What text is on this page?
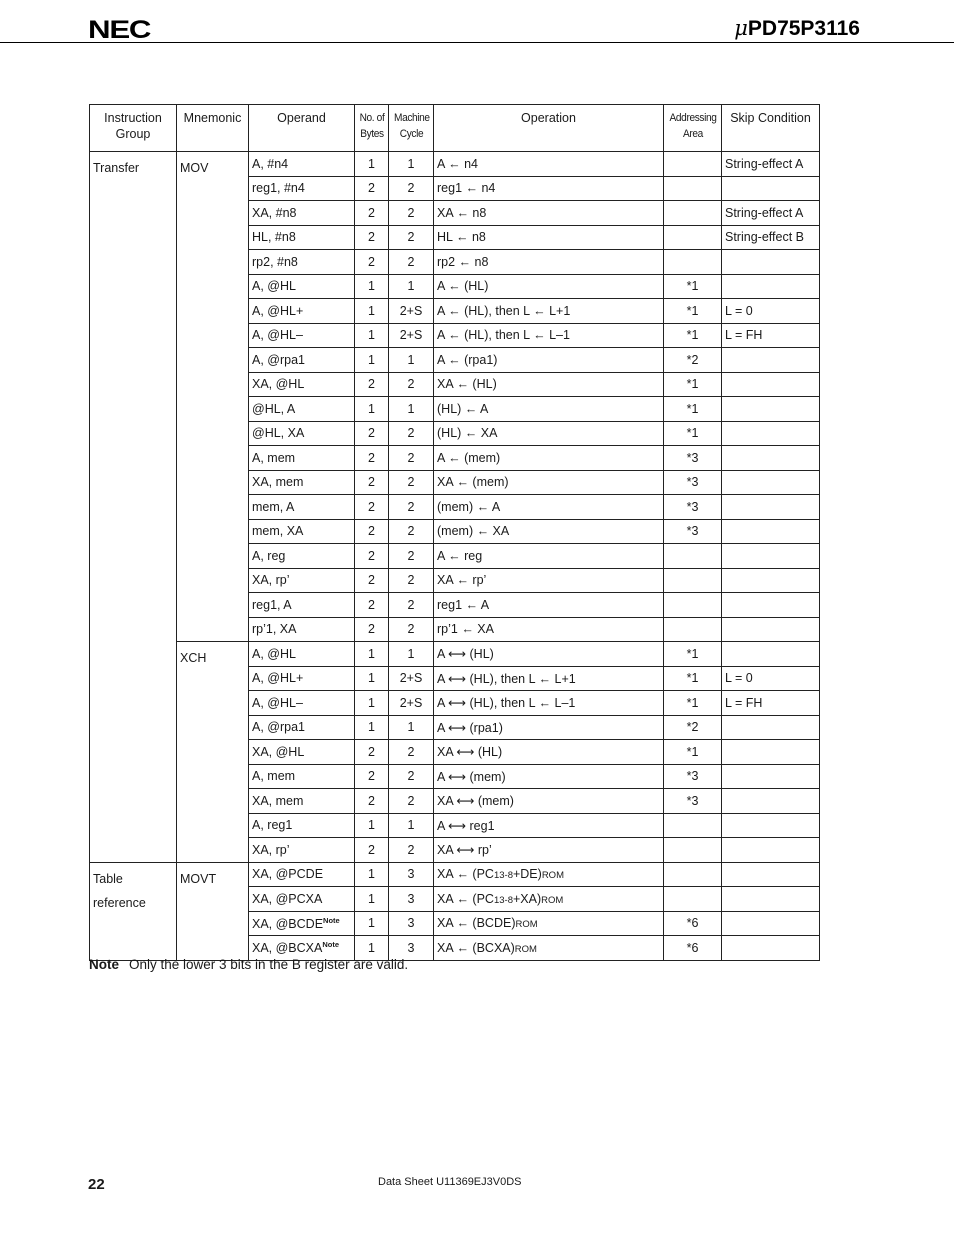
NEC	μPD75P3116
Instruction Group	Mnemonic	Operand	No. of Bytes	Machine Cycle	Operation	Addressing Area	Skip Condition
Transfer	MOV	A, #n4	1	1	A ← n4		String-effect A
		reg1, #n4	2	2	reg1 ← n4		
		XA, #n8	2	2	XA ← n8		String-effect A
		HL, #n8	2	2	HL ← n8		String-effect B
		rp2, #n8	2	2	rp2 ← n8		
		A, @HL	1	1	A ← (HL)	*1	
		A, @HL+	1	2+S	A ← (HL), then L ← L+1	*1	L = 0
		A, @HL–	1	2+S	A ← (HL), then L ← L–1	*1	L = FH
		A, @rpa1	1	1	A ← (rpa1)	*2	
		XA, @HL	2	2	XA ← (HL)	*1	
		@HL, A	1	1	(HL) ← A	*1	
		@HL, XA	2	2	(HL) ← XA	*1	
		A, mem	2	2	A ← (mem)	*3	
		XA, mem	2	2	XA ← (mem)	*3	
		mem, A	2	2	(mem) ← A	*3	
		mem, XA	2	2	(mem) ← XA	*3	
		A, reg	2	2	A ← reg		
		XA, rp’	2	2	XA ← rp’		
		reg1, A	2	2	reg1 ← A		
		rp’1, XA	2	2	rp’1 ← XA		
	XCH	A, @HL	1	1	A ⟷ (HL)	*1	
		A, @HL+	1	2+S	A ⟷ (HL), then L ← L+1	*1	L = 0
		A, @HL–	1	2+S	A ⟷ (HL), then L ← L–1	*1	L = FH
		A, @rpa1	1	1	A ⟷ (rpa1)	*2	
		XA, @HL	2	2	XA ⟷ (HL)	*1	
		A, mem	2	2	A ⟷ (mem)	*3	
		XA, mem	2	2	XA ⟷ (mem)	*3	
		A, reg1	1	1	A ⟷ reg1		
		XA, rp’	2	2	XA ⟷ rp’		
Table reference	MOVT	XA, @PCDE	1	3	XA ← (PC13-8+DE)ROM		
		XA, @PCXA	1	3	XA ← (PC13-8+XA)ROM		
		XA, $@BCDE^{Note}$	1	3	XA ← (BCDE)ROM	*6	
		XA, $@BCXA^{Note}$	1	3	XA ← (BCXA)ROM	*6	
Note Only the lower 3 bits in the B register are valid.
22	Data Sheet U11369EJ3V0DS
